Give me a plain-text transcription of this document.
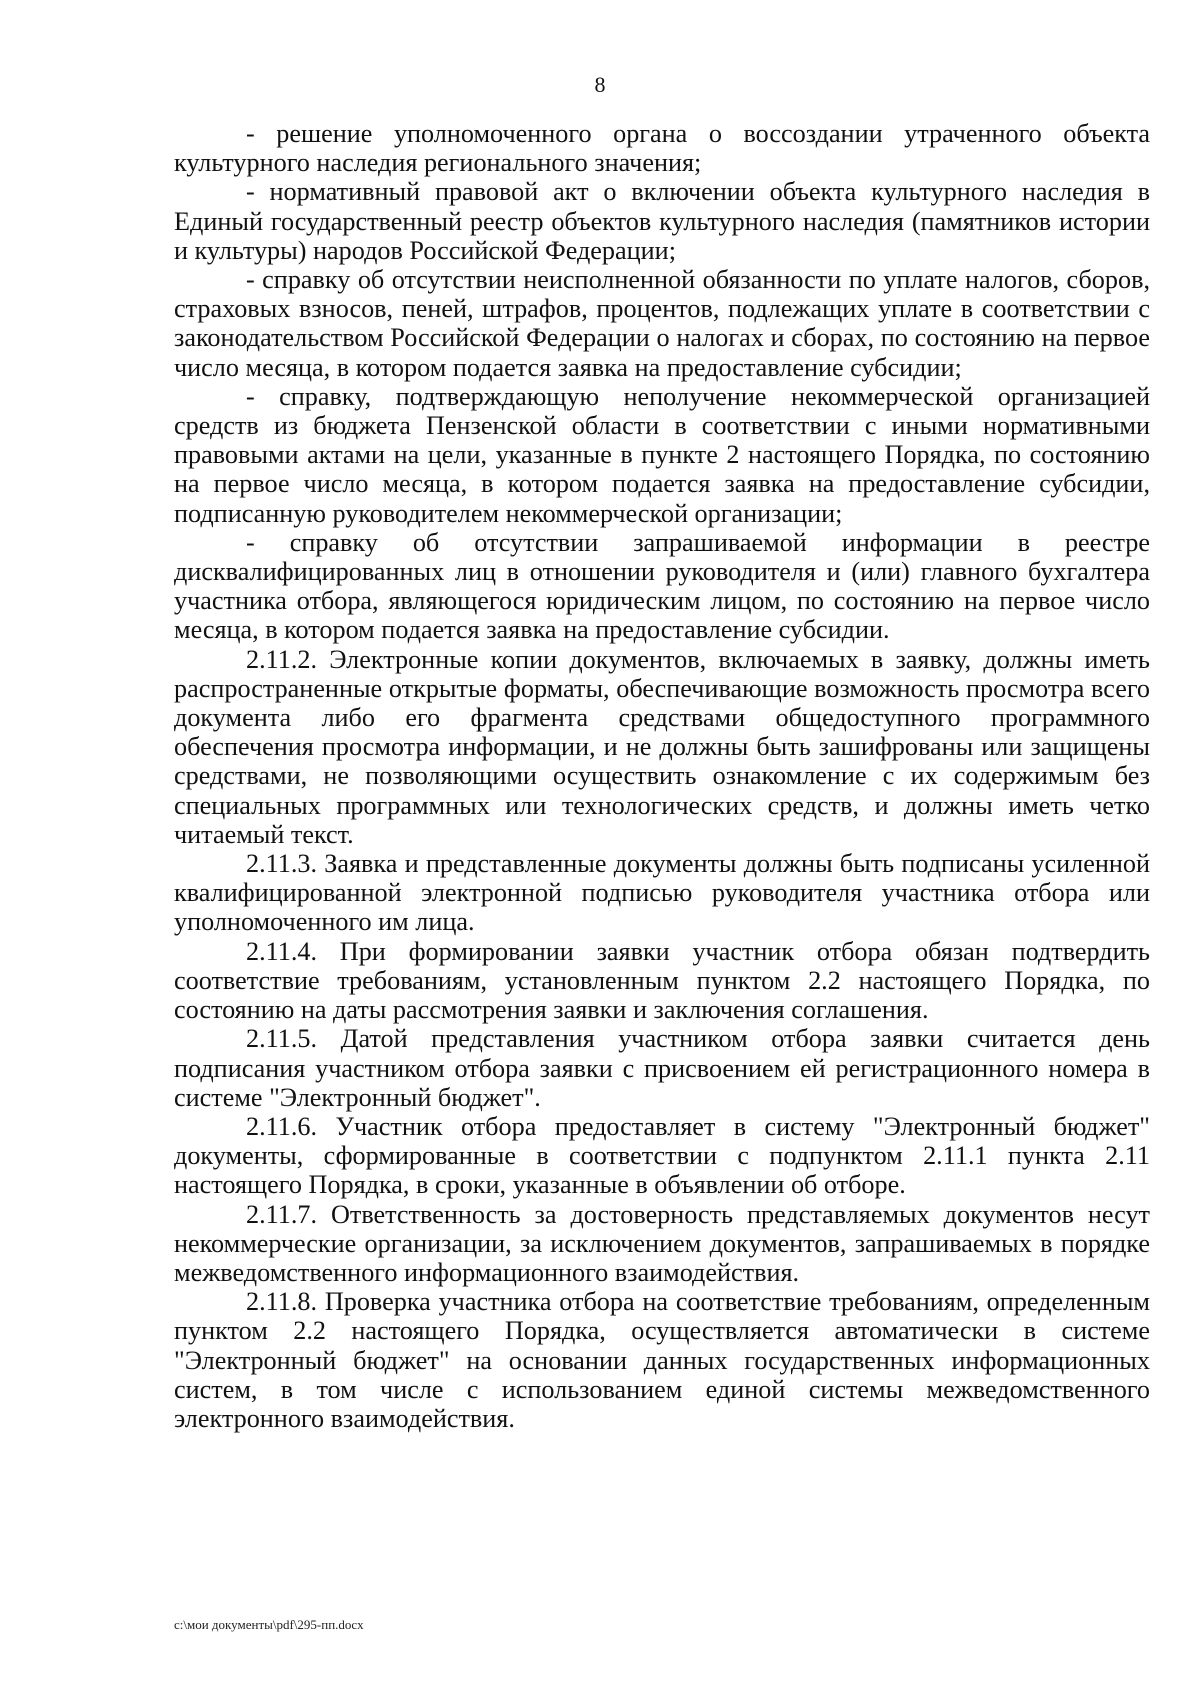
8

- решение уполномоченного органа о воссоздании утраченного объекта культурного наследия регионального значения;

- нормативный правовой акт о включении объекта культурного наследия в Единый государственный реестр объектов культурного наследия (памятников истории и культуры) народов Российской Федерации;

- справку об отсутствии неисполненной обязанности по уплате налогов, сборов, страховых взносов, пеней, штрафов, процентов, подлежащих уплате в соответствии с законодательством Российской Федерации о налогах и сборах, по состоянию на первое число месяца, в котором подается заявка на предоставление субсидии;

- справку, подтверждающую неполучение некоммерческой организацией средств из бюджета Пензенской области в соответствии с иными нормативными правовыми актами на цели, указанные в пункте 2 настоящего Порядка, по состоянию на первое число месяца, в котором подается заявка на предоставление субсидии, подписанную руководителем некоммерческой организации;

- справку об отсутствии запрашиваемой информации в реестре дисквалифицированных лиц в отношении руководителя и (или) главного бухгалтера участника отбора, являющегося юридическим лицом, по состоянию на первое число месяца, в котором подается заявка на предоставление субсидии.

2.11.2. Электронные копии документов, включаемых в заявку, должны иметь распространенные открытые форматы, обеспечивающие возможность просмотра всего документа либо его фрагмента средствами общедоступного программного обеспечения просмотра информации, и не должны быть зашифрованы или защищены средствами, не позволяющими осуществить ознакомление с их содержимым без специальных программных или технологических средств, и должны иметь четко читаемый текст.

2.11.3. Заявка и представленные документы должны быть подписаны усиленной квалифицированной электронной подписью руководителя участника отбора или уполномоченного им лица.

2.11.4. При формировании заявки участник отбора обязан подтвердить соответствие требованиям, установленным пунктом 2.2 настоящего Порядка, по состоянию на даты рассмотрения заявки и заключения соглашения.

2.11.5. Датой представления участником отбора заявки считается день подписания участником отбора заявки с присвоением ей регистрационного номера в системе "Электронный бюджет".

2.11.6. Участник отбора предоставляет в систему "Электронный бюджет" документы, сформированные в соответствии с подпунктом 2.11.1 пункта 2.11 настоящего Порядка, в сроки, указанные в объявлении об отборе.

2.11.7. Ответственность за достоверность представляемых документов несут некоммерческие организации, за исключением документов, запрашиваемых в порядке межведомственного информационного взаимодействия.

2.11.8. Проверка участника отбора на соответствие требованиям, определенным пунктом 2.2 настоящего Порядка, осуществляется автоматически в системе "Электронный бюджет" на основании данных государственных информационных систем, в том числе с использованием единой системы межведомственного электронного взаимодействия.

c:\мои документы\pdf\295-пп.docx
